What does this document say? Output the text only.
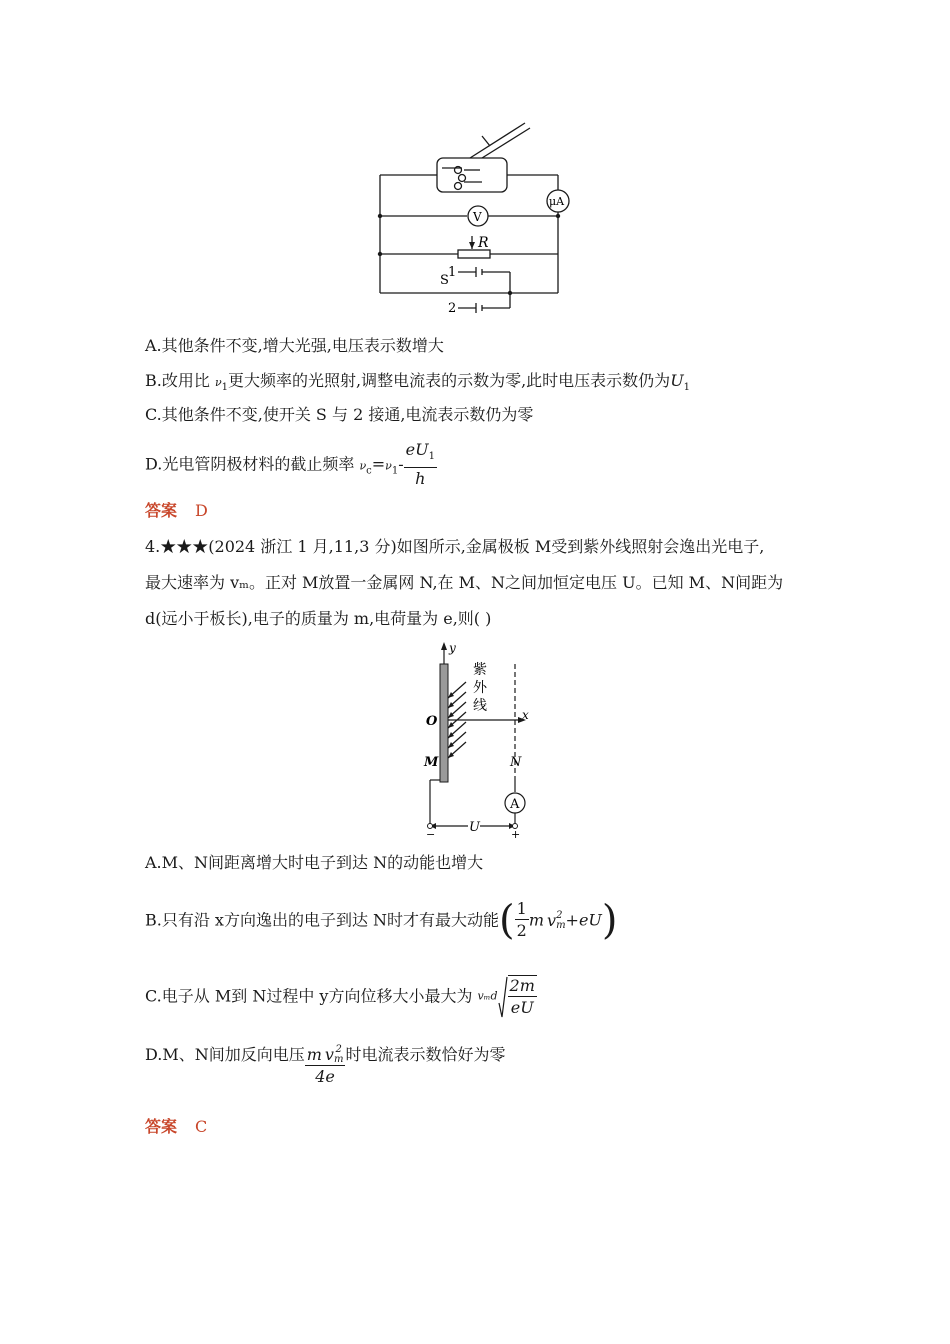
R
S
1
2
V
μA
A.其他条件不变,增大光强,电压表示数增大
B.改用比 $\nu_1$更大频率的光照射,调整电流表的示数为零,此时电压表示数仍为$U_1$
C.其他条件不变,使开关 S 与 2 接通,电流表示数仍为零
D.光电管阴极材料的截止频率 $\nu_c=\nu_1- \frac{eU_1}{h}$
答案 D
4.★★★(2024 浙江 1 月,11,3 分)如图所示,金属极板 M受到紫外线照射会逸出光电子,
最大速率为 vₘ。正对 M放置一金属网 N,在 M、N之间加恒定电压 U。已知 M、N间距为
d(远小于板长),电子的质量为 m,电荷量为 e,则( )
y
x
O
M	N
U
A
紫
外
线
−	+
A.M、N间距离增大时电子到达 N的动能也增大
B.只有沿 x方向逸出的电子到达 N时才有最大动能( $\frac{1}{2}$ m v 2
m +eU)
C.电子从 M到 N过程中 y方向位移大小最大为 vₘd $\frac{2m}{eU}$
D.M、N间加反向电压 m v 2
m
4e 时电流表示数恰好为零
答案 C
